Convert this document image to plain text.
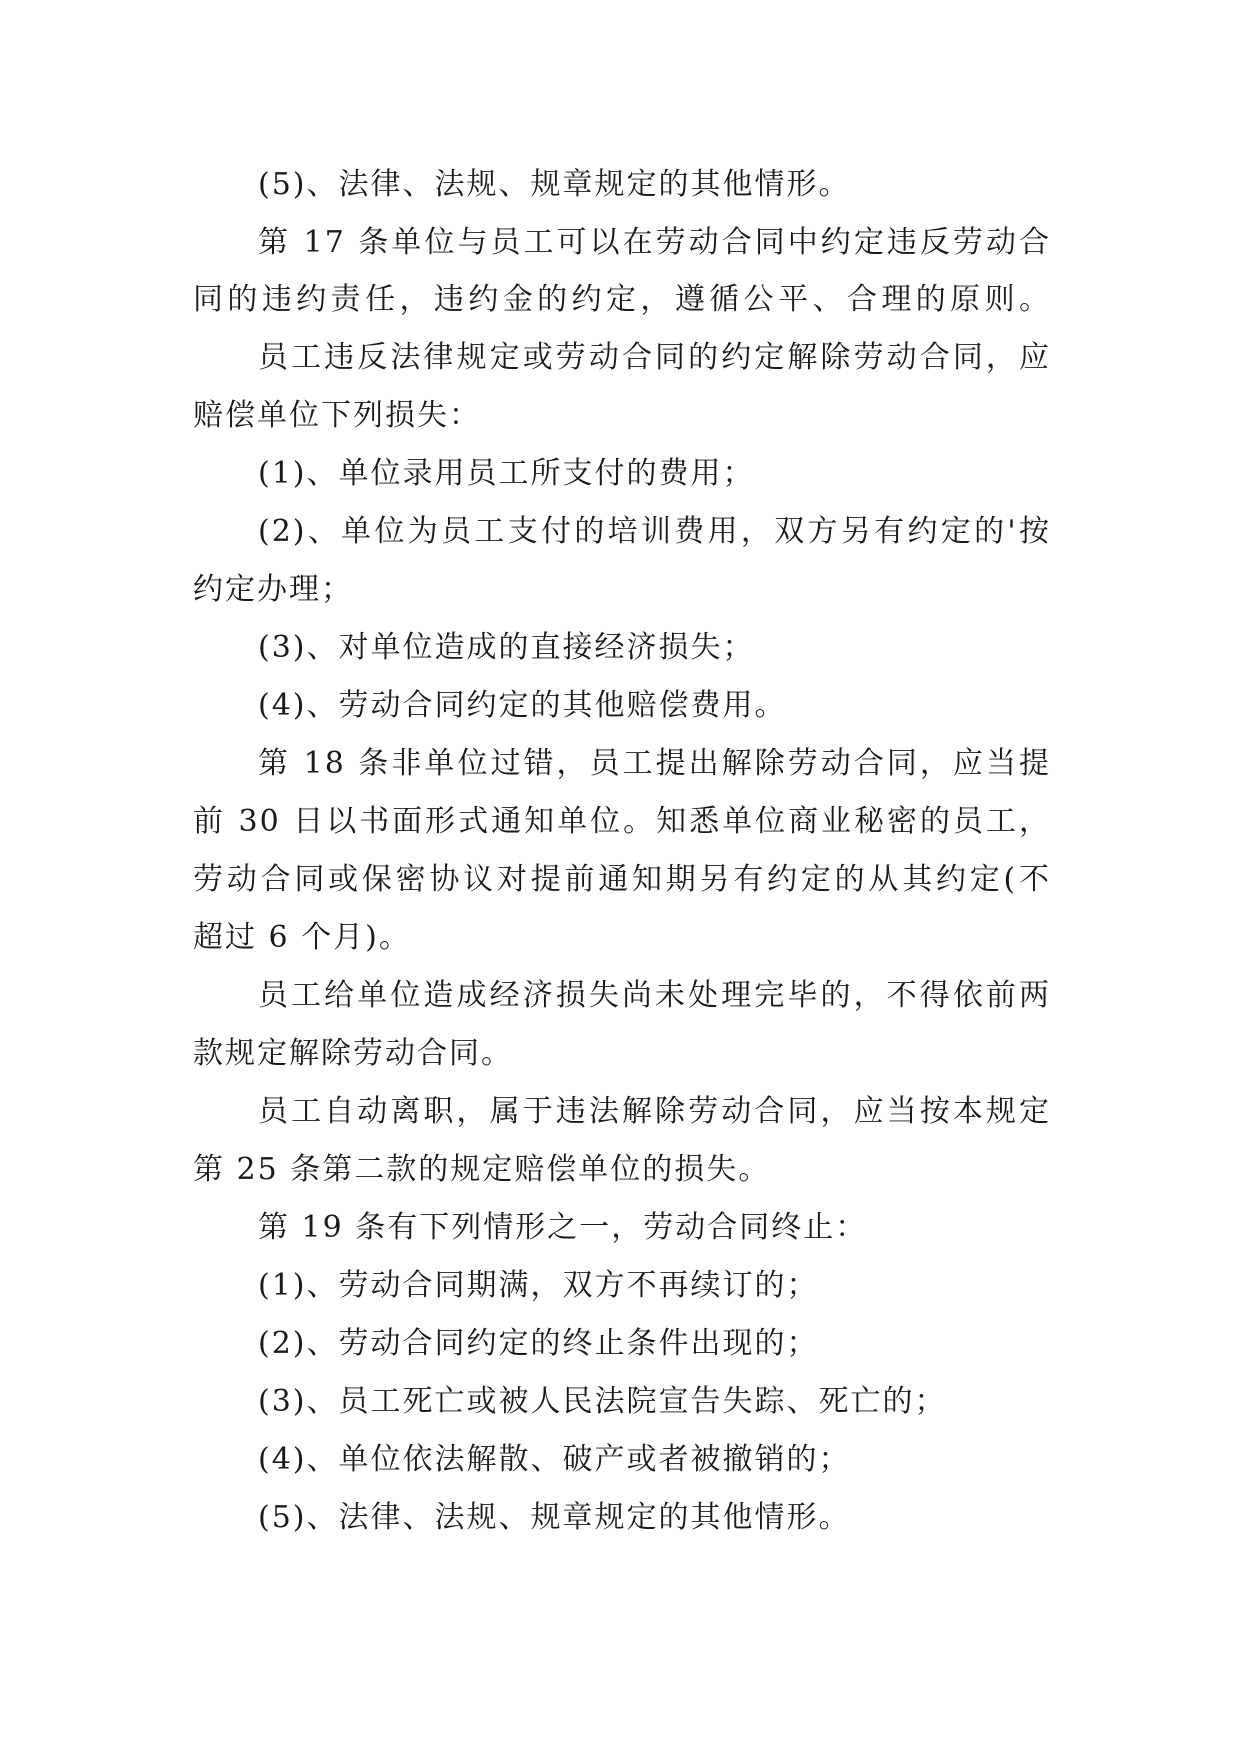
(5)、法律、法规、规章规定的其他情形。
第 17 条单位与员工可以在劳动合同中约定违反劳动合
同的违约责任，违约金的约定，遵循公平、合理的原则。
员工违反法律规定或劳动合同的约定解除劳动合同，应
赔偿单位下列损失：
(1)、单位录用员工所支付的费用；
(2)、单位为员工支付的培训费用，双方另有约定的'按
约定办理；
(3)、对单位造成的直接经济损失；
(4)、劳动合同约定的其他赔偿费用。
第 18 条非单位过错，员工提出解除劳动合同，应当提
前 30 日以书面形式通知单位。知悉单位商业秘密的员工，
劳动合同或保密协议对提前通知期另有约定的从其约定(不
超过 6 个月)。
员工给单位造成经济损失尚未处理完毕的，不得依前两
款规定解除劳动合同。
员工自动离职，属于违法解除劳动合同，应当按本规定
第 25 条第二款的规定赔偿单位的损失。
第 19 条有下列情形之一，劳动合同终止：
(1)、劳动合同期满，双方不再续订的；
(2)、劳动合同约定的终止条件出现的；
(3)、员工死亡或被人民法院宣告失踪、死亡的；
(4)、单位依法解散、破产或者被撤销的；
(5)、法律、法规、规章规定的其他情形。
